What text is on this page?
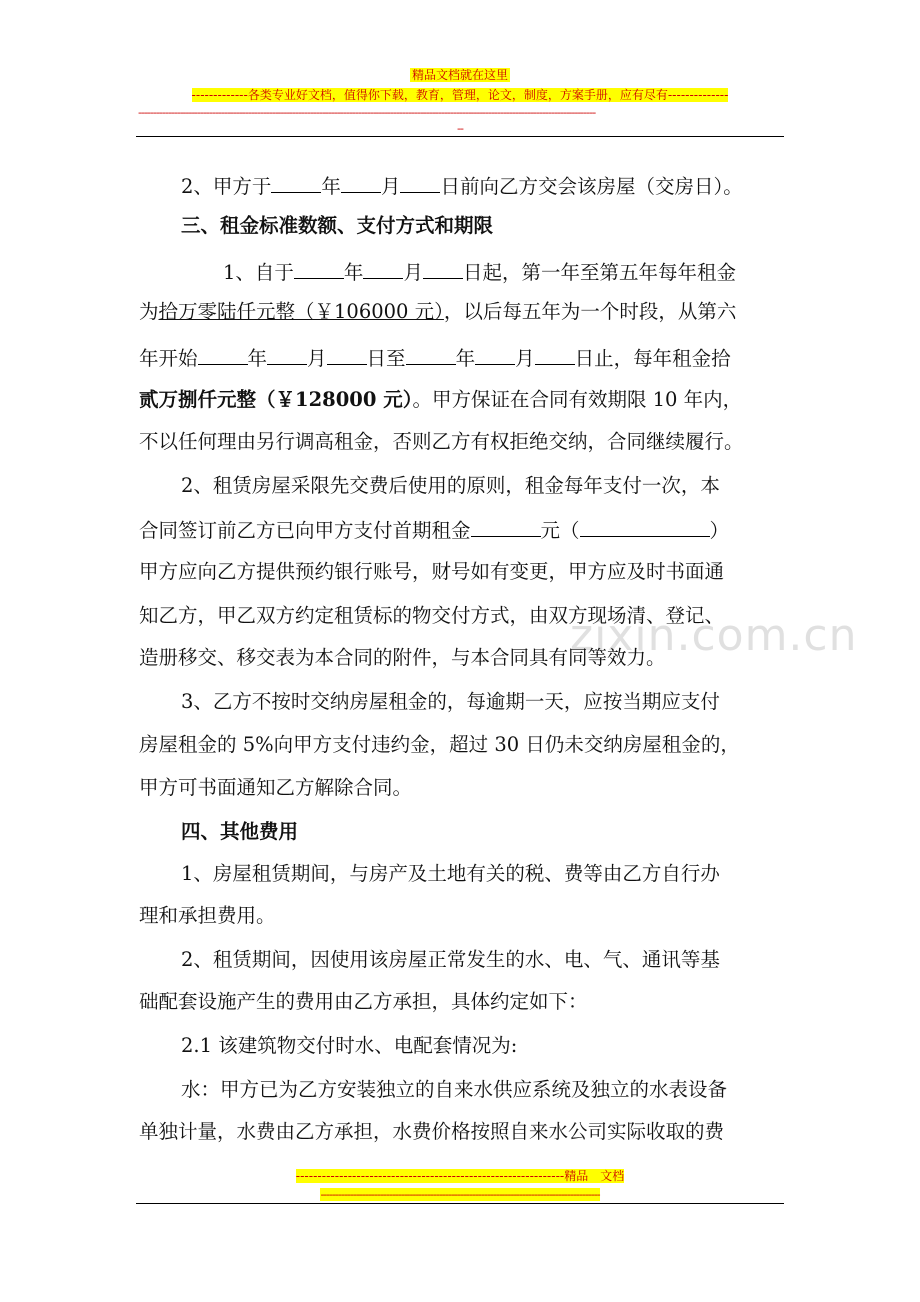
精品文档就在这里
-------------各类专业好文档，值得你下载，教育，管理，论文，制度，方案手册，应有尽有--------------
----------------------------------------------------------------------------------------------------------------------------------------------------------
--
zixin.com.cn
2、甲方于	年 月 日前向乙方交会该房屋（交房日）。
三、租金标准数额、支付方式和期限
1、自于	年 月 日起，第一年至第五年每年租金
为拾万零陆仟元整（￥106000 元），以后每五年为一个时段，从第六
年开始	年 月 日至	年 月 日止，每年租金拾
贰万捌仟元整（￥128000 元）。甲方保证在合同有效期限 10 年内，
不以任何理由另行调高租金，否则乙方有权拒绝交纳，合同继续履行。
2、租赁房屋采限先交费后使用的原则，租金每年支付一次，本
合同签订前乙方已向甲方支付首期租金	元（	）
甲方应向乙方提供预约银行账号，财号如有变更，甲方应及时书面通
知乙方，甲乙双方约定租赁标的物交付方式，由双方现场清、登记、
造册移交、移交表为本合同的附件，与本合同具有同等效力。
3、乙方不按时交纳房屋租金的，每逾期一天，应按当期应支付
房屋租金的 5%向甲方支付违约金，超过 30 日仍未交纳房屋租金的，
甲方可书面通知乙方解除合同。
四、其他费用
1、房屋租赁期间，与房产及土地有关的税、费等由乙方自行办
理和承担费用。
2、租赁期间，因使用该房屋正常发生的水、电、气、通讯等基
础配套设施产生的费用由乙方承担，具体约定如下：
2.1 该建筑物交付时水、电配套情况为:
水：甲方已为乙方安装独立的自来水供应系统及独立的水表设备
单独计量，水费由乙方承担，水费价格按照自来水公司实际收取的费
--------------------------------------------------------------精品　文档
----------------------------------------------------------------------------------------------
